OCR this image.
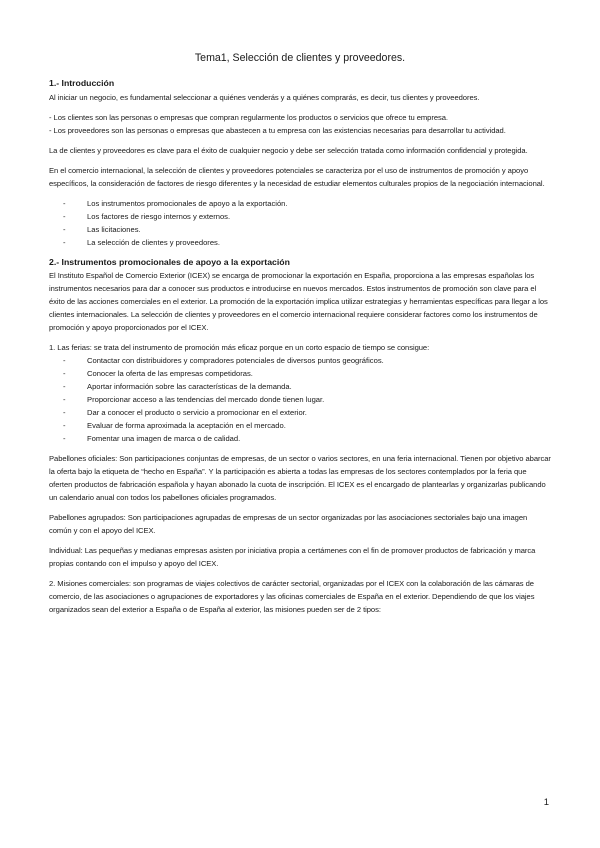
Tema1, Selección de clientes y proveedores.
1.- Introducción
Al iniciar un negocio, es fundamental seleccionar a quiénes venderás y a quiénes comprarás, es decir, tus clientes y proveedores.
- Los clientes son las personas o empresas que compran regularmente los productos o servicios que ofrece tu empresa.
- Los proveedores son las personas o empresas que abastecen a tu empresa con las existencias necesarias para desarrollar tu actividad.
La de clientes y proveedores es clave para el éxito de cualquier negocio y debe ser selección tratada como información confidencial y protegida.
En el comercio internacional, la selección de clientes y proveedores potenciales se caracteriza por el uso de instrumentos de promoción y apoyo específicos, la consideración de factores de riesgo diferentes y la necesidad de estudiar elementos culturales propios de la negociación internacional.
- Los instrumentos promocionales de apoyo a la exportación.
- Los factores de riesgo internos y externos.
- Las licitaciones.
- La selección de clientes y proveedores.
2.- Instrumentos promocionales de apoyo a la exportación
El Instituto Español de Comercio Exterior (ICEX) se encarga de promocionar la exportación en España, proporciona a las empresas españolas los instrumentos necesarios para dar a conocer sus productos e introducirse en nuevos mercados. Estos instrumentos de promoción son clave para el éxito de las acciones comerciales en el exterior. La promoción de la exportación implica utilizar estrategias y herramientas específicas para llegar a los clientes internacionales. La selección de clientes y proveedores en el comercio internacional requiere considerar factores como los instrumentos de promoción y apoyo proporcionados por el ICEX.
1. Las ferias: se trata del instrumento de promoción más eficaz porque en un corto espacio de tiempo se consigue:
- Contactar con distribuidores y compradores potenciales de diversos puntos geográficos.
- Conocer la oferta de las empresas competidoras.
- Aportar información sobre las características de la demanda.
- Proporcionar acceso a las tendencias del mercado donde tienen lugar.
- Dar a conocer el producto o servicio a promocionar en el exterior.
- Evaluar de forma aproximada la aceptación en el mercado.
- Fomentar una imagen de marca o de calidad.
Pabellones oficiales: Son participaciones conjuntas de empresas, de un sector o varios sectores, en una feria internacional. Tienen por objetivo abarcar la oferta bajo la etiqueta de “hecho en España”. Y la participación es abierta a todas las empresas de los sectores contemplados por la feria que oferten productos de fabricación española y hayan abonado la cuota de inscripción. El ICEX es el encargado de plantearlas y organizarlas publicando un calendario anual con todos los pabellones oficiales programados.
Pabellones agrupados: Son participaciones agrupadas de empresas de un sector organizadas por las asociaciones sectoriales bajo una imagen común y con el apoyo del ICEX.
Individual: Las pequeñas y medianas empresas asisten por iniciativa propia a certámenes con el fin de promover productos de fabricación y marca propias contando con el impulso y apoyo del ICEX.
2. Misiones comerciales: son programas de viajes colectivos de carácter sectorial, organizadas por el ICEX con la colaboración de las cámaras de comercio, de las asociaciones o agrupaciones de exportadores y las oficinas comerciales de España en el exterior. Dependiendo de que los viajes organizados sean del exterior a España o de España al exterior, las misiones pueden ser de 2 tipos:
1
